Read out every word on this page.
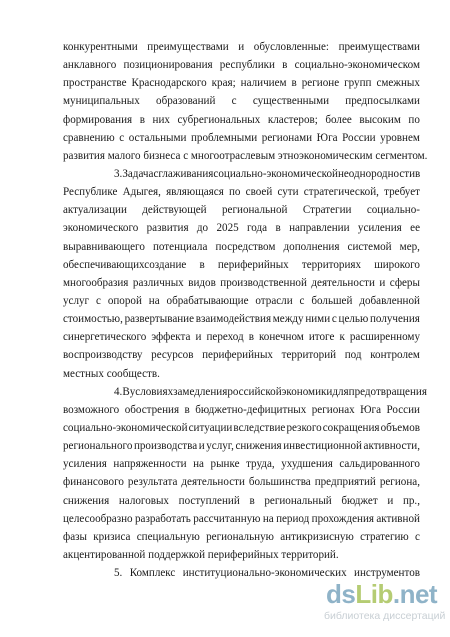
конкурентными преимуществами и обусловленные: преимуществами
анклавного позиционирования республики в социально-экономическом
пространстве Краснодарского края; наличием в регионе групп смежных
муниципальных образований с существенными предпосылками
формирования в них субрегиональных кластеров; более высоким по
сравнению с остальными проблемными регионами Юга России уровнем
развития малого бизнеса с многоотраслевым этноэкономическим сегментом.
3. Задача сглаживания социально-экономической неоднородности в
Республике Адыгея, являющаяся по своей сути стратегической, требует
актуализации действующей региональной Стратегии социально-
экономического развития до 2025 года в направлении усиления ее
выравнивающего потенциала посредством дополнения системой мер,
обеспечивающихсоздание в периферийных территориях широкого
многообразия различных видов производственной деятельности и сферы
услуг с опорой на обрабатывающие отрасли с большей добавленной
стоимостью, развертывание взаимодействия между ними с целью получения
синергетического эффекта и переход в конечном итоге к расширенному
воспроизводству ресурсов периферийных территорий под контролем
местных сообществ.
4. В условиях замедления российской экономики для предотвращения
возможного обострения в бюджетно-дефицитных регионах Юга России
социально-экономической ситуации вследствие резкого сокращения объемов
регионального производства и услуг, снижения инвестиционной активности,
усиления напряженности на рынке труда, ухудшения сальдированного
финансового результата деятельности большинства предприятий региона,
снижения налоговых поступлений в региональный бюджет и пр.,
целесообразно разработать рассчитанную на период прохождения активной
фазы кризиса специальную региональную антикризисную стратегию с
акцентированной поддержкой периферийных территорий.
5. Комплекс институционально-экономических инструментов
dsLib.net
библиотека диссертаций
